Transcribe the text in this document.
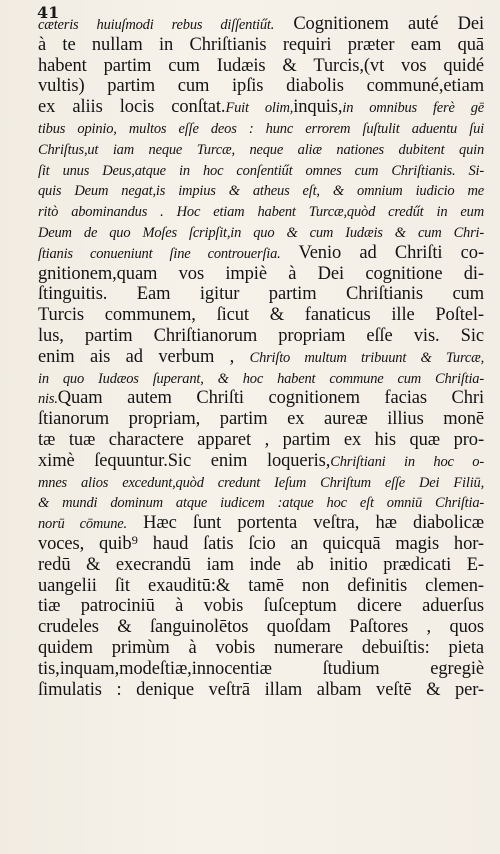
41
cæteris huiuſmodi rebus diſſentiűt. Cognitionem auté Dei
à te nullam in Chriſtianis requiri præter eam quā
habent partim cum Iudæis & Turcis,(vt vos quidé
vultis) partim cum ipſis diabolis communé,etiam
ex aliis locis conſtat.Fuit olim,inquis,in omnibus ferè gē
tibus opinio, multos eſſe deos : hunc errorem ſuſtulit aduentu ſui
Chriſtus,ut iam neque Turcæ, neque aliæ nationes dubitent quin
ſit unus Deus,atque in hoc conſentiűt omnes cum Chriſtianis. Si-
quis Deum negat,is impius & atheus eſt, & omnium iudicio me
ritò abominandus . Hoc etiam habent Turcæ,quòd credűt in eum
Deum de quo Moſes ſcripſit,in quo & cum Iudæis & cum Chri-
ſtianis conueniunt ſine controuerſia. Venio ad Chriſti co-
gnitionem,quam vos impiè à Dei cognitione di-
ſtinguitis. Eam igitur partim Chriſtianis cum
Turcis communem, ſicut & fanaticus ille Poſtel-
lus, partim Chriſtianorum propriam eſſe vis. Sic
enim ais ad verbum , Chriſto multum tribuunt & Turcæ,
in quo Iudæos ſuperant, & hoc habent commune cum Chriſtia-
nis.Quam autem Chriſti cognitionem facias Chri
ſtianorum propriam, partim ex aureæ illius monē
tæ tuæ charactere apparet , partim ex his quæ pro-
ximè ſequuntur.Sic enim loqueris,Chriſtiani in hoc o-
mnes alios excedunt,quòd credunt Ieſum Chriſtum eſſe Dei Filiū,
& mundi dominum atque iudicem :atque hoc eſt omniū Chriſtia-
norū cōmune. Hæc ſunt portenta veſtra, hæ diabolicæ
voces, quib⁹ haud ſatis ſcio an quicquā magis hor-
redū & execrandū iam inde ab initio prædicati E-
uangelii ſit exauditū:& tamē non definitis clemen-
tiæ patrociniū à vobis ſuſceptum dicere aduerſus
crudeles & ſanguinolētos quoſdam Paſtores , quos
quidem primùm à vobis numerare debuiſtis: pieta
tis,inquam,modeſtiæ,innocentiæ ſtudium egregiè
ſimulatis : denique veſtrā illam albam veſtē & per-
